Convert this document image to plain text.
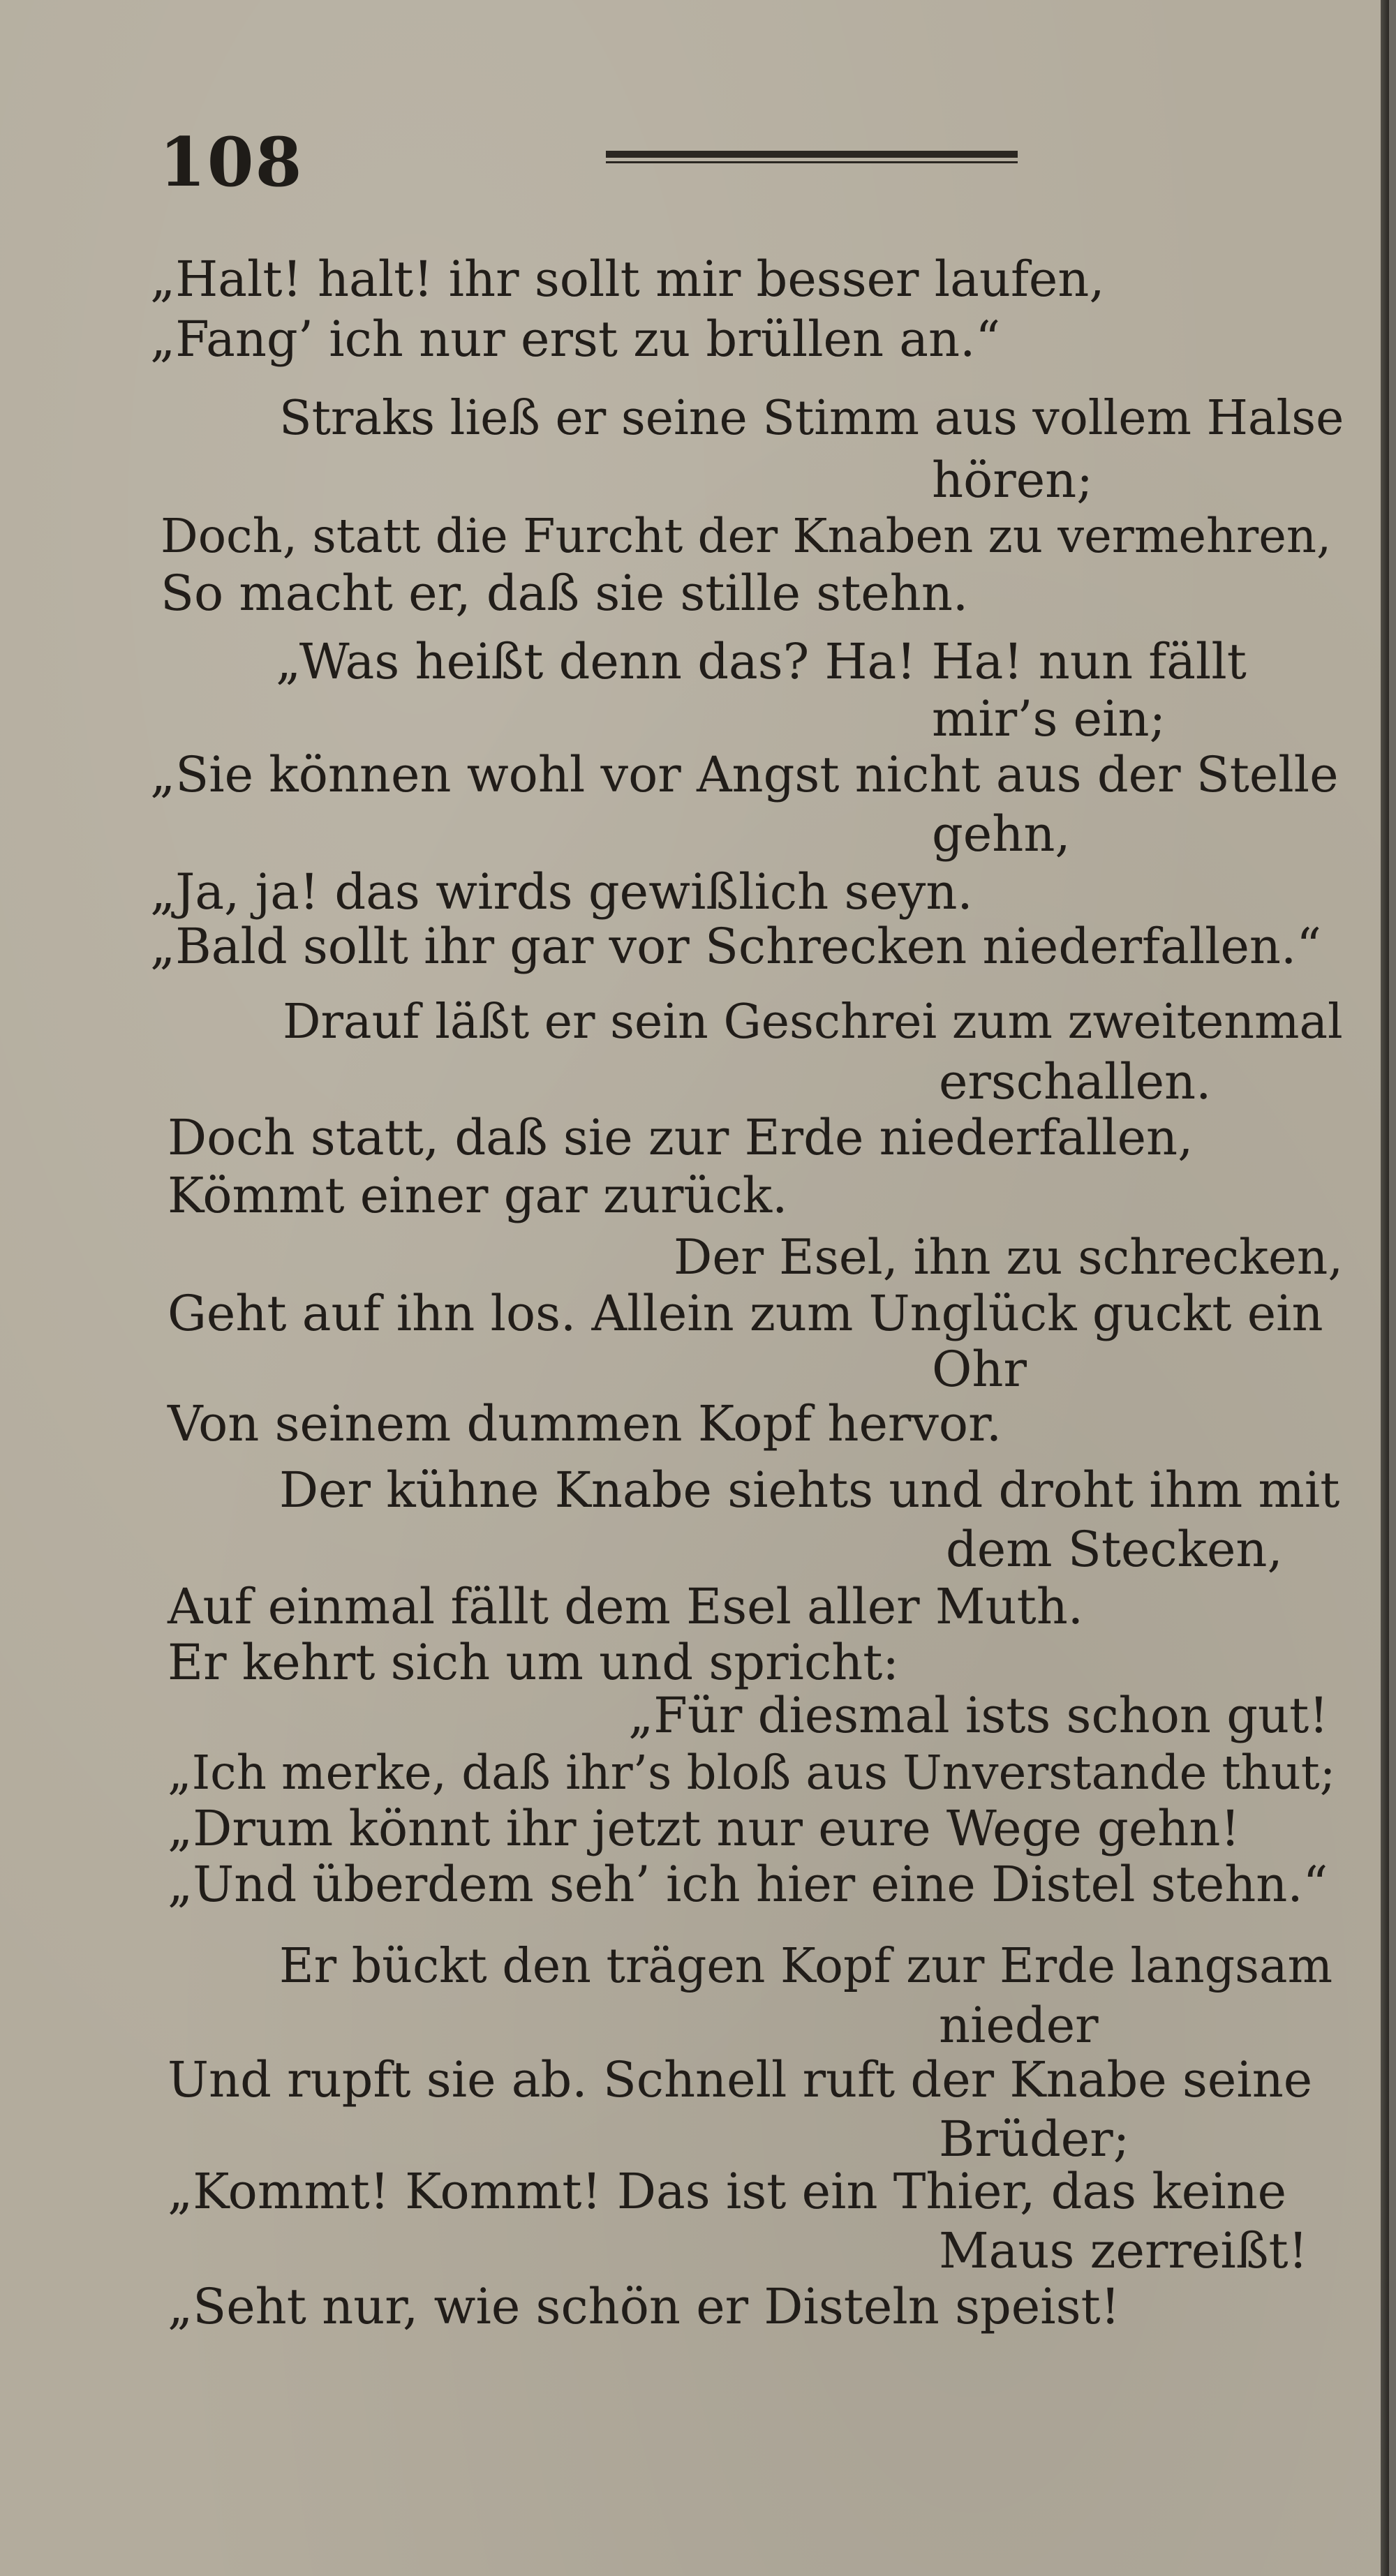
108
„Halt! halt! ihr sollt mir besser laufen,
„Fang’ ich nur erst zu brüllen an.“
Straks ließ er seine Stimm aus vollem Halse
hören;
Doch, statt die Furcht der Knaben zu vermehren,
So macht er, daß sie stille stehn.
„Was heißt denn das? Ha! Ha! nun fällt
mir’s ein;
„Sie können wohl vor Angst nicht aus der Stelle
gehn,
„Ja, ja! das wirds gewißlich seyn.
„Bald sollt ihr gar vor Schrecken niederfallen.“
Drauf läßt er sein Geschrei zum zweitenmal
erschallen.
Doch statt, daß sie zur Erde niederfallen,
Kömmt einer gar zurück.
Der Esel, ihn zu schrecken,
Geht auf ihn los. Allein zum Unglück guckt ein
Ohr
Von seinem dummen Kopf hervor.
Der kühne Knabe siehts und droht ihm mit
dem Stecken,
Auf einmal fällt dem Esel aller Muth.
Er kehrt sich um und spricht:
„Für diesmal ists schon gut!
„Ich merke, daß ihr’s bloß aus Unverstande thut;
„Drum könnt ihr jetzt nur eure Wege gehn!
„Und überdem seh’ ich hier eine Distel stehn.“
Er bückt den trägen Kopf zur Erde langsam
nieder
Und rupft sie ab. Schnell ruft der Knabe seine
Brüder;
„Kommt! Kommt! Das ist ein Thier, das keine
Maus zerreißt!
„Seht nur, wie schön er Disteln speist!
